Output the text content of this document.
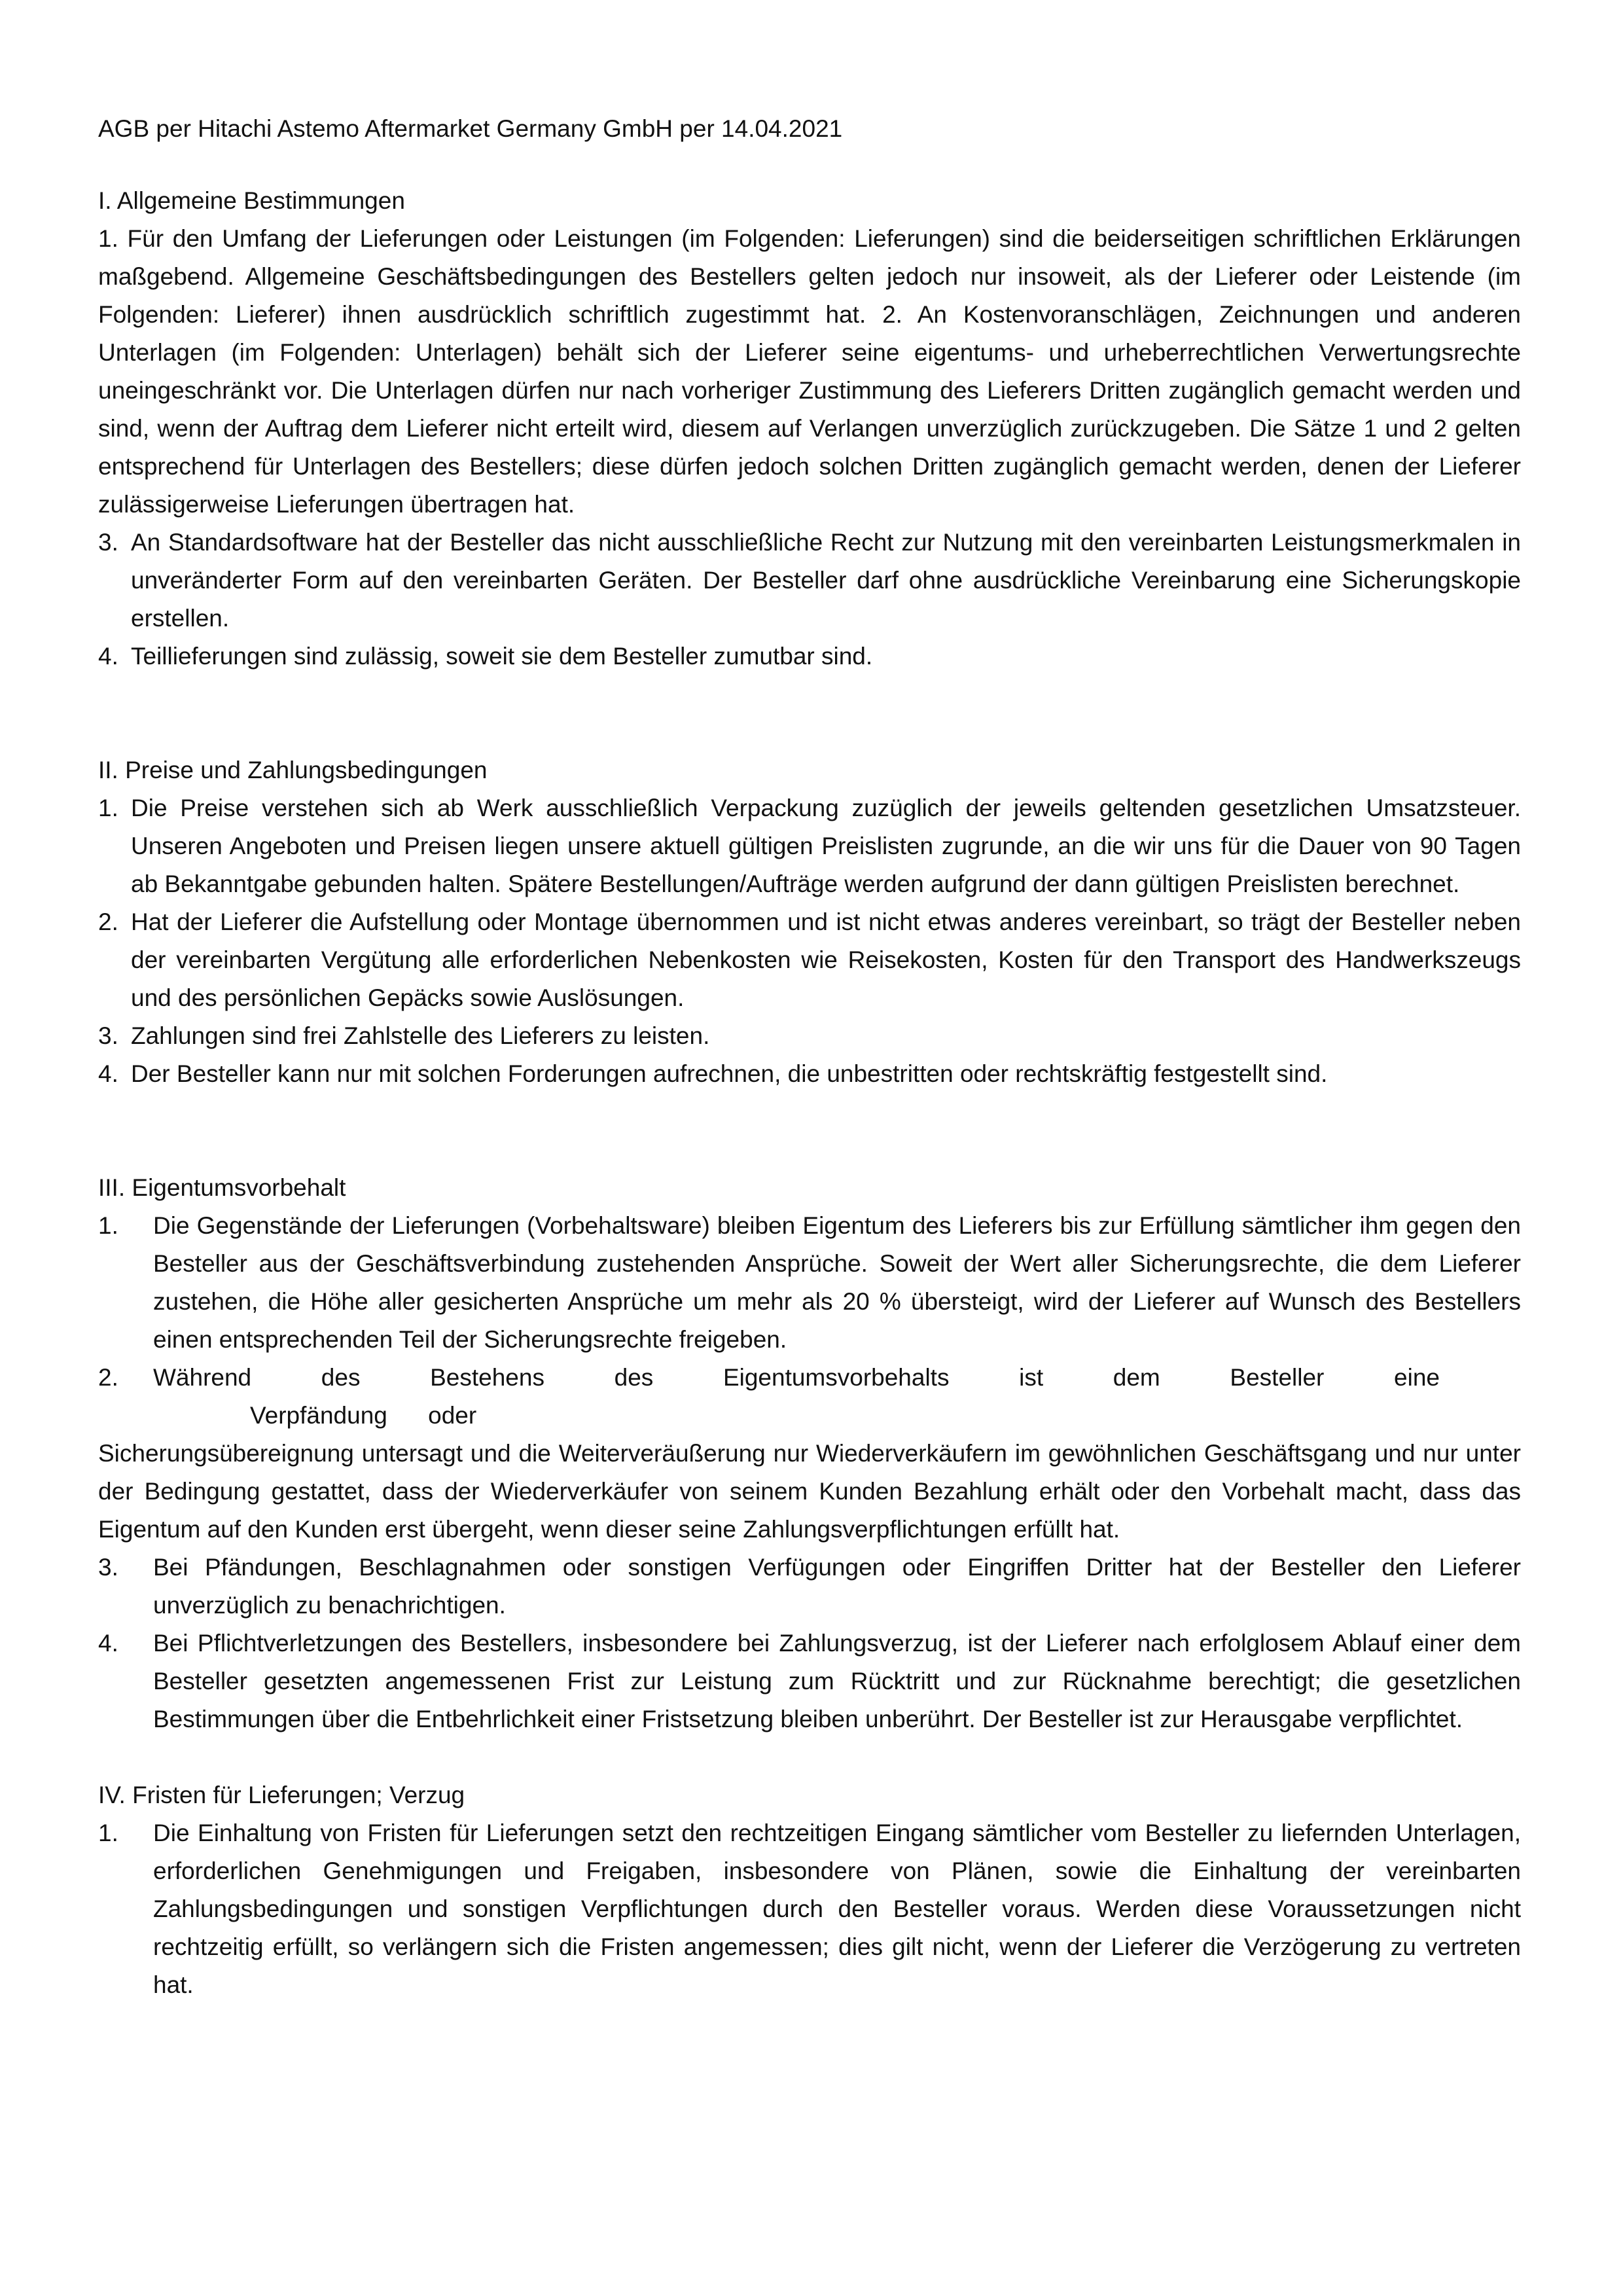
AGB per Hitachi Astemo Aftermarket Germany GmbH per 14.04.2021
I. Allgemeine Bestimmungen

1. Für den Umfang der Lieferungen oder Leistungen (im Folgenden: Lieferungen) sind die beiderseitigen schriftlichen Erklärungen maßgebend. Allgemeine Geschäftsbedingungen des Bestellers gelten jedoch nur insoweit, als der Lieferer oder Leistende (im Folgenden: Lieferer) ihnen ausdrücklich schriftlich zugestimmt hat. 2. An Kostenvoranschlägen, Zeichnungen und anderen Unterlagen (im Folgenden: Unterlagen) behält sich der Lieferer seine eigentums- und urheberrechtlichen Verwertungsrechte uneingeschränkt vor. Die Unterlagen dürfen nur nach vorheriger Zustimmung des Lieferers Dritten zugänglich gemacht werden und sind, wenn der Auftrag dem Lieferer nicht erteilt wird, diesem auf Verlangen unverzüglich zurückzugeben. Die Sätze 1 und 2 gelten entsprechend für Unterlagen des Bestellers; diese dürfen jedoch solchen Dritten zugänglich gemacht werden, denen der Lieferer zulässigerweise Lieferungen übertragen hat.

3. An Standardsoftware hat der Besteller das nicht ausschließliche Recht zur Nutzung mit den vereinbarten Leistungsmerkmalen in unveränderter Form auf den vereinbarten Geräten. Der Besteller darf ohne ausdrückliche Vereinbarung eine Sicherungskopie erstellen.
4. Teillieferungen sind zulässig, soweit sie dem Besteller zumutbar sind.
II. Preise und Zahlungsbedingungen
1. Die Preise verstehen sich ab Werk ausschließlich Verpackung zuzüglich der jeweils geltenden gesetzlichen Umsatzsteuer. Unseren Angeboten und Preisen liegen unsere aktuell gültigen Preislisten zugrunde, an die wir uns für die Dauer von 90 Tagen ab Bekanntgabe gebunden halten. Spätere Bestellungen/Aufträge werden aufgrund der dann gültigen Preislisten berechnet.
2. Hat der Lieferer die Aufstellung oder Montage übernommen und ist nicht etwas anderes vereinbart, so trägt der Besteller neben der vereinbarten Vergütung alle erforderlichen Nebenkosten wie Reisekosten, Kosten für den Transport des Handwerkszeugs und des persönlichen Gepäcks sowie Auslösungen.
3. Zahlungen sind frei Zahlstelle des Lieferers zu leisten.
4. Der Besteller kann nur mit solchen Forderungen aufrechnen, die unbestritten oder rechtskräftig festgestellt sind.
III. Eigentumsvorbehalt
1. Die Gegenstände der Lieferungen (Vorbehaltsware) bleiben Eigentum des Lieferers bis zur Erfüllung sämtlicher ihm gegen den Besteller aus der Geschäftsverbindung zustehenden Ansprüche. Soweit der Wert aller Sicherungsrechte, die dem Lieferer zustehen, die Höhe aller gesicherten Ansprüche um mehr als 20 % übersteigt, wird der Lieferer auf Wunsch des Bestellers einen entsprechenden Teil der Sicherungsrechte freigeben.
2. Während	des	Bestehens	des	Eigentumsvorbehalts	ist	dem	Besteller	eine
Verpfändung oder

Sicherungsübereignung untersagt und die Weiterveräußerung nur Wiederverkäufern im gewöhnlichen Geschäftsgang und nur unter der Bedingung gestattet, dass der Wiederverkäufer von seinem Kunden Bezahlung erhält oder den Vorbehalt macht, dass das Eigentum auf den Kunden erst übergeht, wenn dieser seine Zahlungsverpflichtungen erfüllt hat.

3. Bei Pfändungen, Beschlagnahmen oder sonstigen Verfügungen oder Eingriffen Dritter hat der Besteller den Lieferer unverzüglich zu benachrichtigen.
4. Bei Pflichtverletzungen des Bestellers, insbesondere bei Zahlungsverzug, ist der Lieferer nach erfolglosem Ablauf einer dem Besteller gesetzten angemessenen Frist zur Leistung zum Rücktritt und zur Rücknahme berechtigt; die gesetzlichen Bestimmungen über die Entbehrlichkeit einer Fristsetzung bleiben unberührt. Der Besteller ist zur Herausgabe verpflichtet.
IV. Fristen für Lieferungen; Verzug
1. Die Einhaltung von Fristen für Lieferungen setzt den rechtzeitigen Eingang sämtlicher vom Besteller zu liefernden Unterlagen, erforderlichen Genehmigungen und Freigaben, insbesondere von Plänen, sowie die Einhaltung der vereinbarten Zahlungsbedingungen und sonstigen Verpflichtungen durch den Besteller voraus. Werden diese Voraussetzungen nicht rechtzeitig erfüllt, so verlängern sich die Fristen angemessen; dies gilt nicht, wenn der Lieferer die Verzögerung zu vertreten hat.
